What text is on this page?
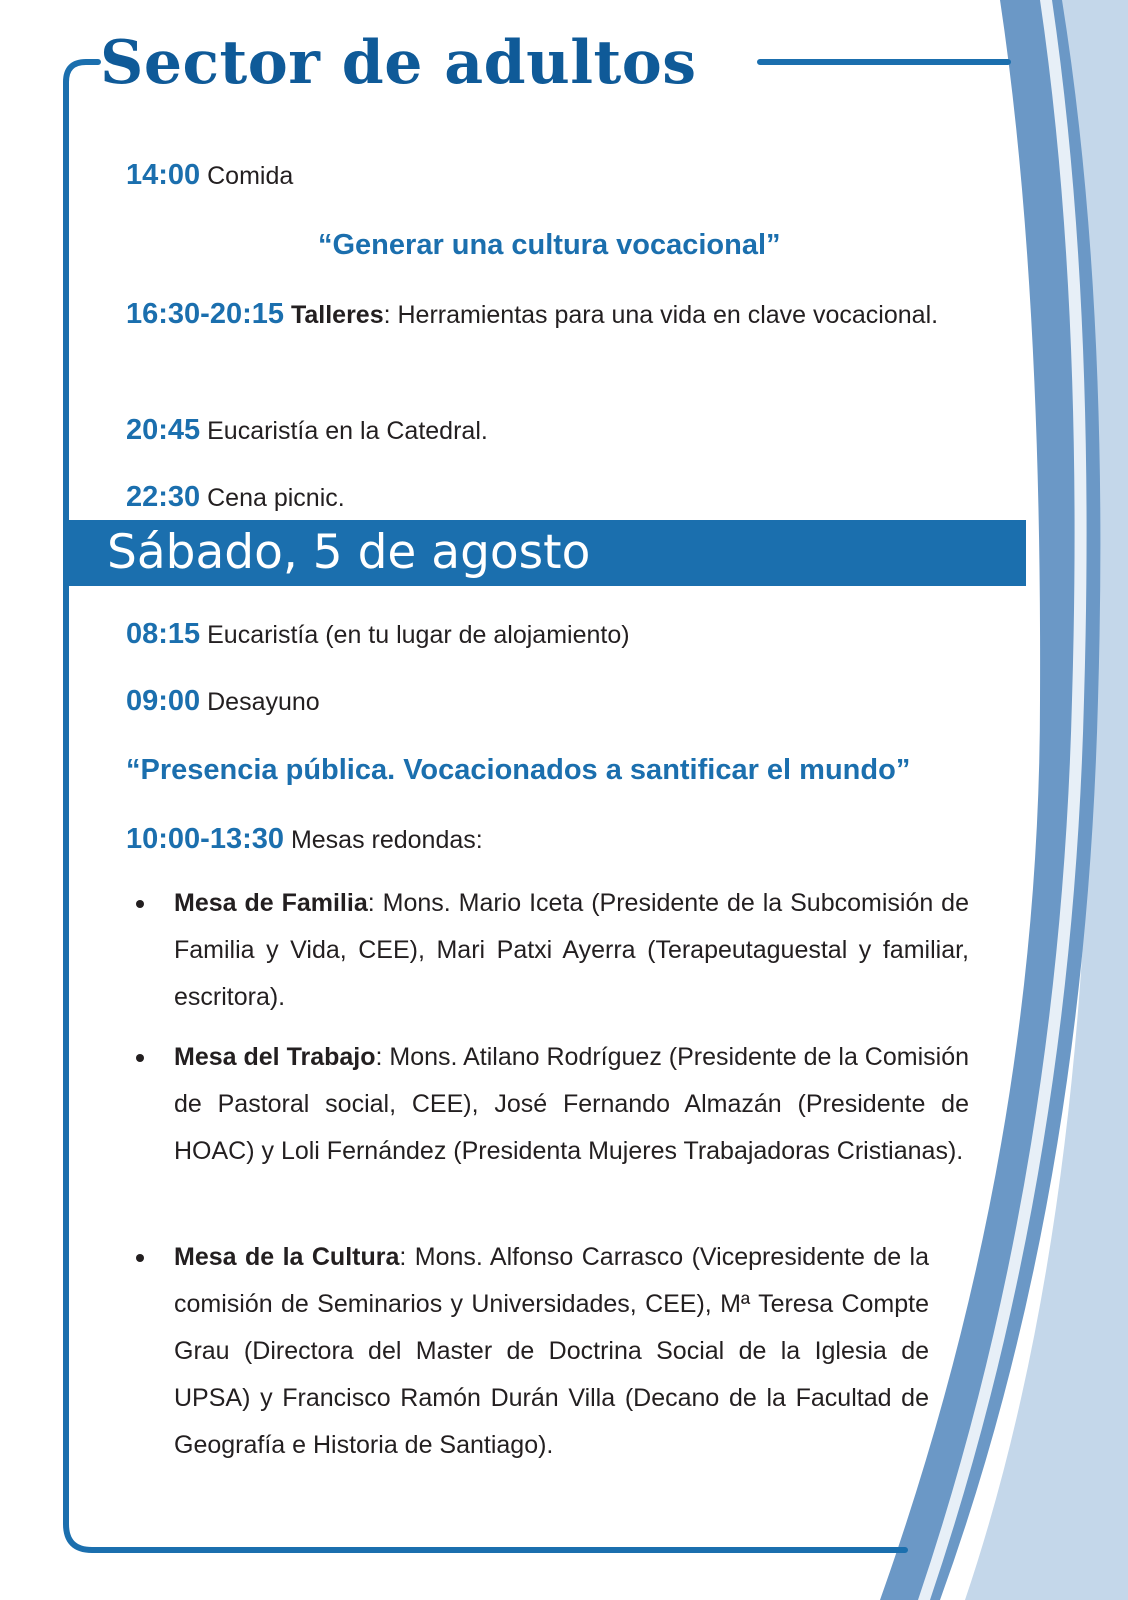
Sector de adultos
14:00 Comida
“Generar una cultura vocacional”
16:30-20:15 Talleres: Herramientas para una vida en clave vocacional.
20:45 Eucaristía en la Catedral.
22:30 Cena picnic.
Sábado, 5 de agosto
08:15 Eucaristía (en tu lugar de alojamiento)
09:00 Desayuno
“Presencia pública. Vocacionados a santificar el mundo”
10:00-13:30 Mesas redondas:
Mesa de Familia: Mons. Mario Iceta (Presidente de la Subcomisión de Familia y Vida, CEE), Mari Patxi Ayerra (Terapeutaguestal y familiar, escritora).
Mesa del Trabajo: Mons. Atilano Rodríguez (Presidente de la Comisión de Pastoral social, CEE), José Fernando Almazán (Presidente de HOAC) y Loli Fernández (Presidenta Mujeres Trabajadoras Cristianas).
Mesa de la Cultura: Mons. Alfonso Carrasco (Vicepresidente de la comisión de Seminarios y Universidades, CEE), Mª Teresa Compte Grau (Directora del Master de Doctrina Social de la Iglesia de UPSA) y Francisco Ramón Durán Villa (Decano de la Facultad de Geografía e Historia de Santiago).
